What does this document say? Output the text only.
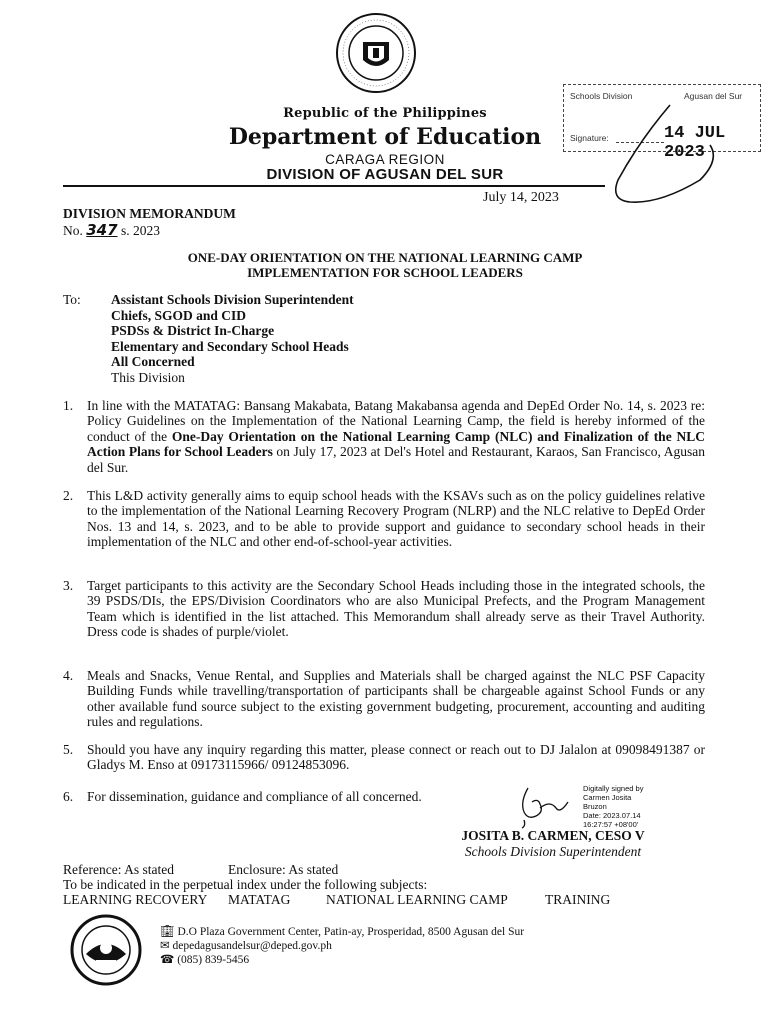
Republic of the Philippines
Department of Education
CARAGA REGION
DIVISION OF AGUSAN DEL SUR
Schools Division	Agusan del Sur
Signature:	14 JUL 2023
July 14, 2023
DIVISION MEMORANDUM
No. 347 s. 2023
ONE-DAY ORIENTATION ON THE NATIONAL LEARNING CAMP
IMPLEMENTATION FOR SCHOOL LEADERS
To: Assistant Schools Division Superintendent
Chiefs, SGOD and CID
PSDSs & District In-Charge
Elementary and Secondary School Heads
All Concerned
This Division
1. In line with the MATATAG: Bansang Makabata, Batang Makabansa agenda and DepEd Order No. 14, s. 2023 re: Policy Guidelines on the Implementation of the National Learning Camp, the field is hereby informed of the conduct of the One-Day Orientation on the National Learning Camp (NLC) and Finalization of the NLC Action Plans for School Leaders on July 17, 2023 at Del's Hotel and Restaurant, Karaos, San Francisco, Agusan del Sur.
2. This L&D activity generally aims to equip school heads with the KSAVs such as on the policy guidelines relative to the implementation of the National Learning Recovery Program (NLRP) and the NLC relative to DepEd Order Nos. 13 and 14, s. 2023, and to be able to provide support and guidance to secondary school heads in their implementation of the NLC and other end-of-school-year activities.
3. Target participants to this activity are the Secondary School Heads including those in the integrated schools, the 39 PSDS/DIs, the EPS/Division Coordinators who are also Municipal Prefects, and the Program Management Team which is identified in the list attached. This Memorandum shall already serve as their Travel Authority. Dress code is shades of purple/violet.
4. Meals and Snacks, Venue Rental, and Supplies and Materials shall be charged against the NLC PSF Capacity Building Funds while travelling/transportation of participants shall be chargeable against School Funds or any other available fund source subject to the existing government budgeting, procurement, accounting and auditing rules and regulations.
5. Should you have any inquiry regarding this matter, please connect or reach out to DJ Jalalon at 09098491387 or Gladys M. Enso at 09173115966/ 09124853096.
6. For dissemination, guidance and compliance of all concerned.
Digitally signed by
Carmen Josita
Bruzon
Date: 2023.07.14
16:27:57 +08'00'
JOSITA B. CARMEN, CESO V
Schools Division Superintendent
Reference: As stated	Enclosure: As stated
To be indicated in the perpetual index under the following subjects:
LEARNING RECOVERY MATATAG	NATIONAL LEARNING CAMP	TRAINING
🏢︎ D.O Plaza Government Center, Patin-ay, Prosperidad, 8500 Agusan del Sur
✉ depedagusandelsur@deped.gov.ph
☎ (085) 839-5456
